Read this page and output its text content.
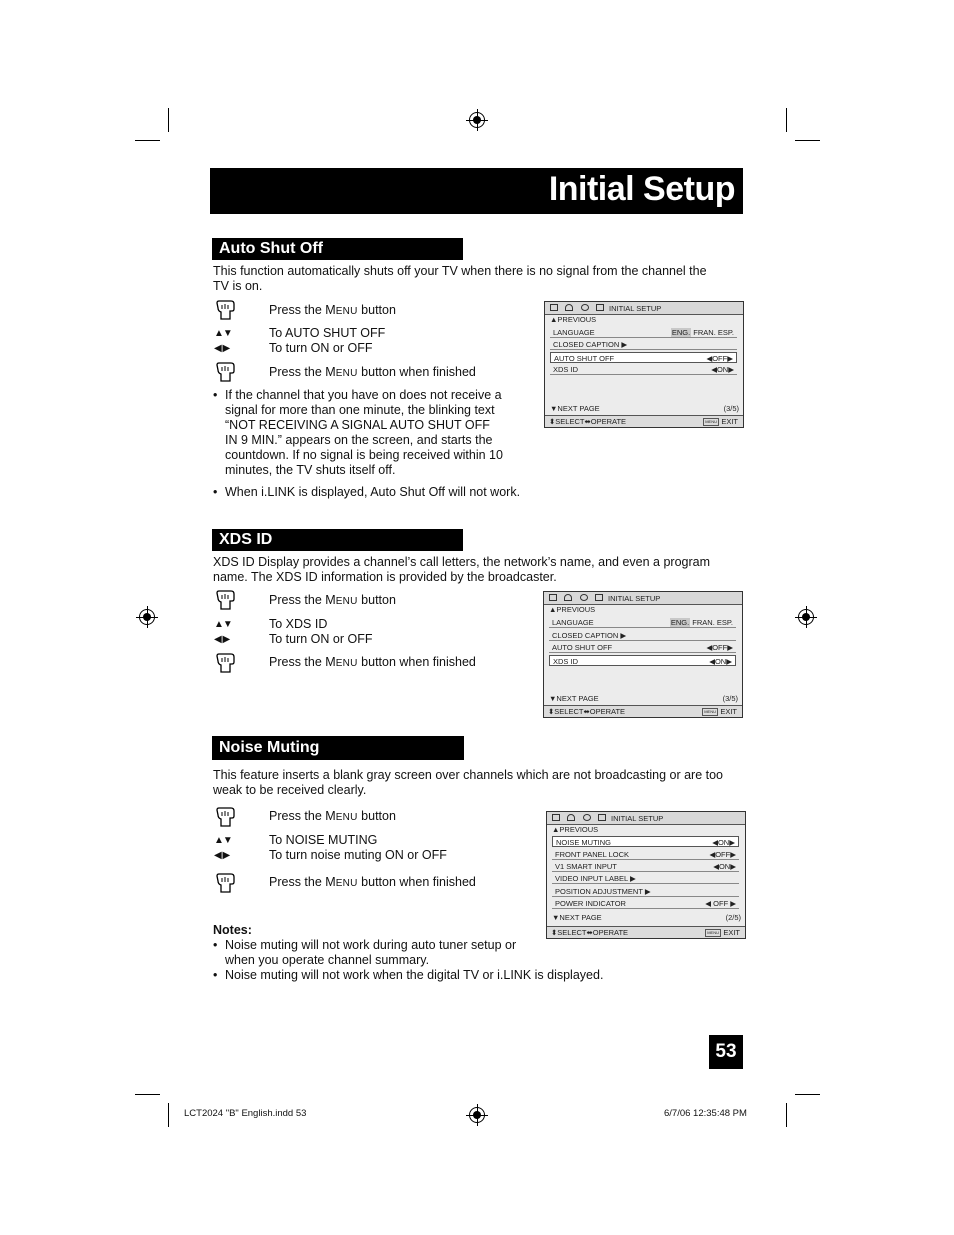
Initial Setup
Auto Shut Off
This function automatically shuts off your TV when there is no signal from the channel the
TV is on.
Press the MENU button
▲▼	To AUTO SHUT OFF
◀ ▶	To turn ON or OFF
Press the MENU button when finished
• If the channel that you have on does not receive a
signal for more than one minute, the blinking text
“NOT RECEIVING A SIGNAL AUTO SHUT OFF
IN 9 MIN.” appears on the screen, and starts the
countdown. If no signal is being received within 10
minutes, the TV shuts itself off.
• When i.LINK is displayed, Auto Shut Off will not work.
INITIAL SETUP
▲PREVIOUS
LANGUAGE	ENG. FRAN. ESP.
CLOSED CAPTION ▶
AUTO SHUT OFF	◀OFF▶
XDS ID	◀ON▶
▼NEXT PAGE	(3/5)
⬍SELECT⬌OPERATE	MENU EXIT
XDS ID
XDS ID Display provides a channel’s call letters, the network’s name, and even a program
name. The XDS ID information is provided by the broadcaster.
Press the MENU button
▲▼	To XDS ID
◀ ▶	To turn ON or OFF
Press the MENU button when finished
INITIAL SETUP
▲PREVIOUS
LANGUAGE	ENG. FRAN. ESP.
CLOSED CAPTION ▶
AUTO SHUT OFF	◀OFF▶
XDS ID	◀ON▶
▼NEXT PAGE	(3/5)
⬍SELECT⬌OPERATE	MENU EXIT
Noise Muting
This feature inserts a blank gray screen over channels which are not broadcasting or are too
weak to be received clearly.
Press the MENU button
▲▼	To NOISE MUTING
◀ ▶	To turn noise muting ON or OFF
Press the MENU button when finished
Notes:
• Noise muting will not work during auto tuner setup or
when you operate channel summary.
• Noise muting will not work when the digital TV or i.LINK is displayed.
INITIAL SETUP
▲PREVIOUS
NOISE MUTING	◀ON▶
FRONT PANEL LOCK	◀OFF▶
V1 SMART INPUT	◀ON▶
VIDEO INPUT LABEL ▶
POSITION ADJUSTMENT ▶
POWER INDICATOR	◀ OFF ▶
▼NEXT PAGE	(2/5)
⬍SELECT⬌OPERATE	MENU EXIT
53
LCT2024 "B" English.indd 53	6/7/06 12:35:48 PM
